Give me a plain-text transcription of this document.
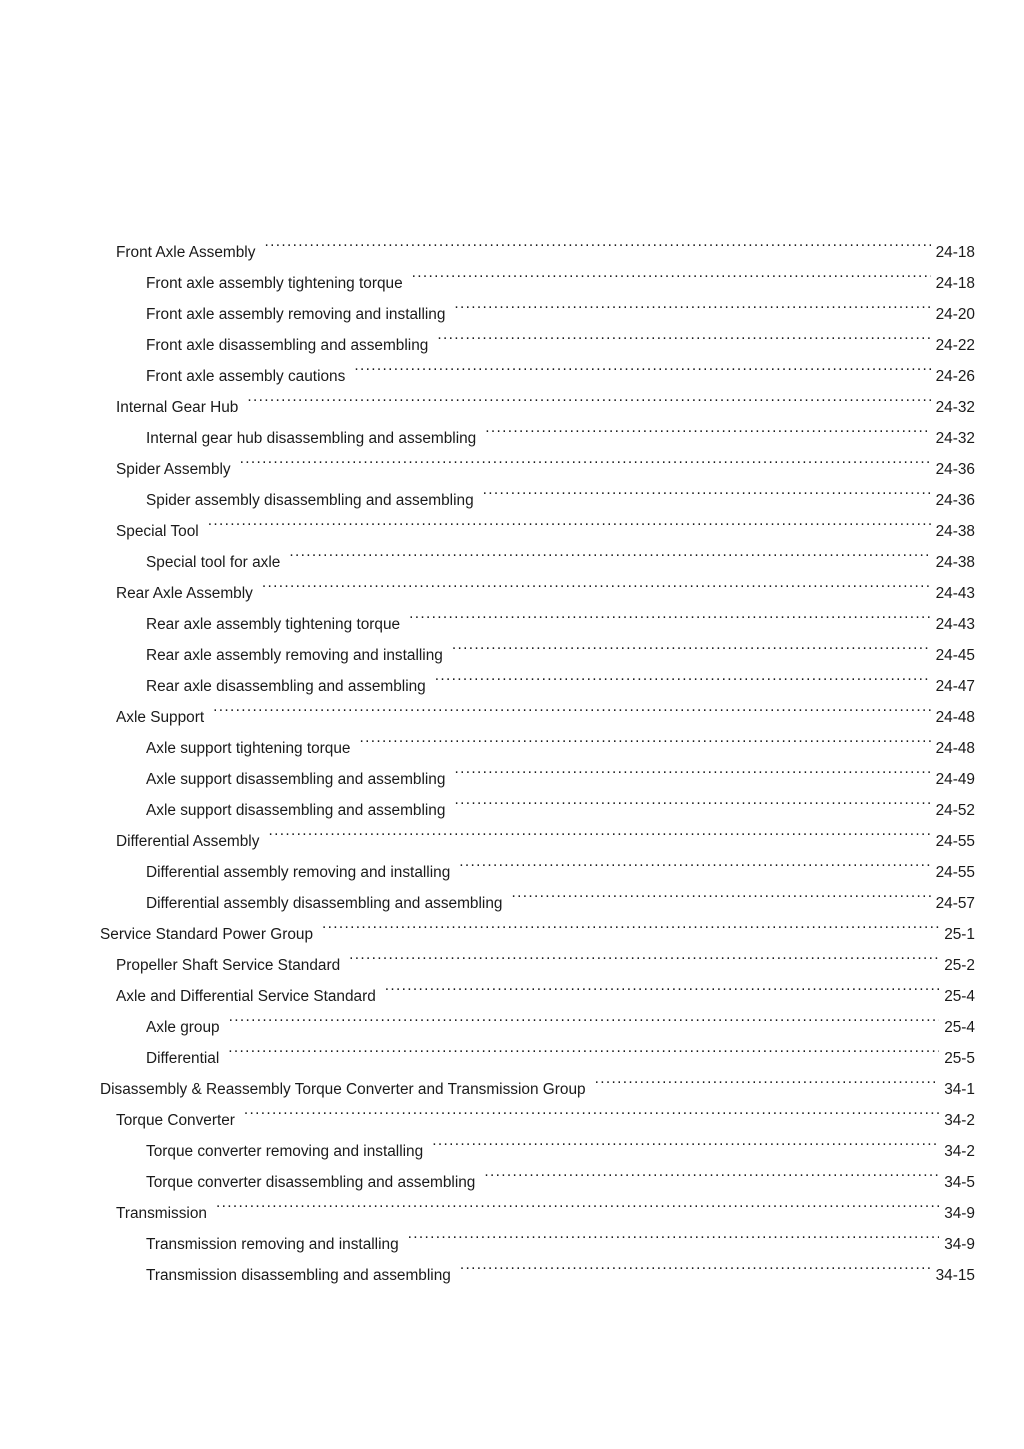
Front Axle Assembly .....	24-18
Front axle assembly tightening torque .....	24-18
Front axle assembly removing and installing .....	24-20
Front axle disassembling and assembling .....	24-22
Front axle assembly cautions .....	24-26
Internal Gear Hub .....	24-32
Internal gear hub disassembling and assembling .....	24-32
Spider Assembly .....	24-36
Spider assembly disassembling and assembling .....	24-36
Special Tool .....	24-38
Special tool for axle .....	24-38
Rear Axle Assembly .....	24-43
Rear axle assembly tightening torque .....	24-43
Rear axle assembly removing and installing .....	24-45
Rear axle disassembling and assembling .....	24-47
Axle Support .....	24-48
Axle support tightening torque .....	24-48
Axle support disassembling and assembling .....	24-49
Axle support disassembling and assembling .....	24-52
Differential Assembly .....	24-55
Differential assembly removing and installing .....	24-55
Differential assembly disassembling and assembling .....	24-57
Service Standard Power Group .....	25-1
Propeller Shaft Service Standard .....	25-2
Axle and Differential Service Standard .....	25-4
Axle group .....	25-4
Differential .....	25-5
Disassembly & Reassembly Torque Converter and Transmission Group .....	34-1
Torque Converter .....	34-2
Torque converter removing and installing .....	34-2
Torque converter disassembling and assembling .....	34-5
Transmission .....	34-9
Transmission removing and installing .....	34-9
Transmission disassembling and assembling .....	34-15
